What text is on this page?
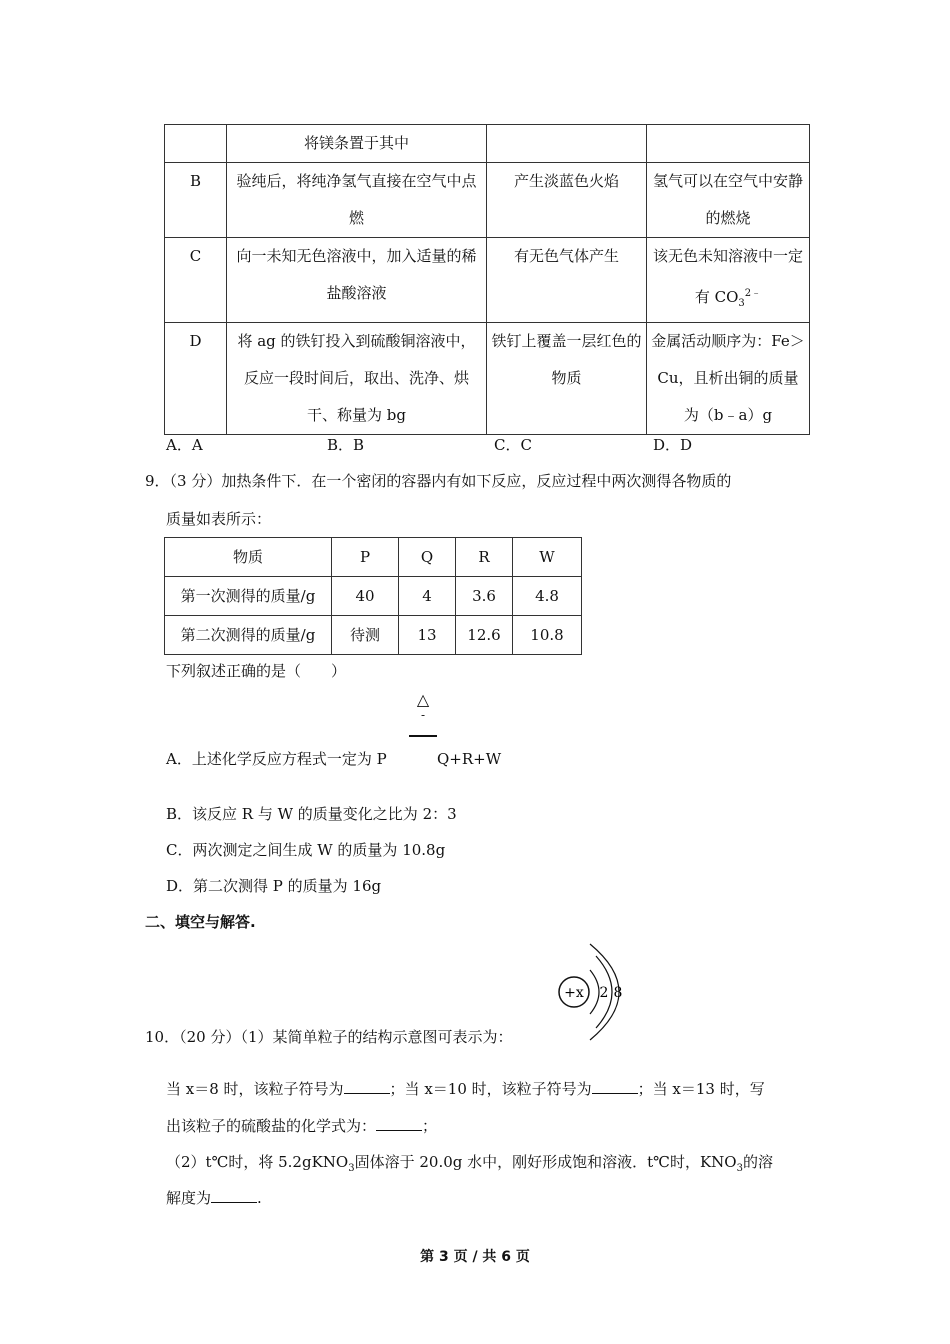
	将镁条置于其中		
B	验纯后，将纯净氢气直接在空气中点燃	产生淡蓝色火焰	氢气可以在空气中安静的燃烧
C	向一未知无色溶液中，加入适量的稀盐酸溶液	有无色气体产生	该无色未知溶液中一定有 $CO_3^{2﹣}$
D	将 ag 的铁钉投入到硫酸铜溶液中，反应一段时间后，取出、洗净、烘干、称量为 bg	铁钉上覆盖一层红色的物质	金属活动顺序为：Fe＞Cu，且析出铜的质量为（b﹣a）g
A．A	B．B	C．C	D．D
9．（3 分）加热条件下．在一个密闭的容器内有如下反应，反应过程中两次测得各物质的
质量如表所示：
物质	P	Q	R	W
第一次测得的质量/g	40	4	3.6	4.8
第二次测得的质量/g	待测	13	12.6	10.8
下列叙述正确的是（　　）
△
-
A．上述化学反应方程式一定为 P	Q+R+W
B．该反应 R 与 W 的质量变化之比为 2：3
C．两次测定之间生成 W 的质量为 10.8g
D．第二次测得 P 的质量为 16g
二、填空与解答.
+x 2 8
10．（20 分）（1）某简单粒子的结构示意图可表示为：
当 x＝8 时，该粒子符号为	；当 x＝10 时，该粒子符号为	；当 x＝13 时，写
出该粒子的硫酸盐的化学式为：	；
（2）t℃时，将 5.2gKNO$_3$固体溶于 20.0g 水中，刚好形成饱和溶液．t℃时，$KNO_3$的溶
解度为	.
第 3 页 / 共 6 页
